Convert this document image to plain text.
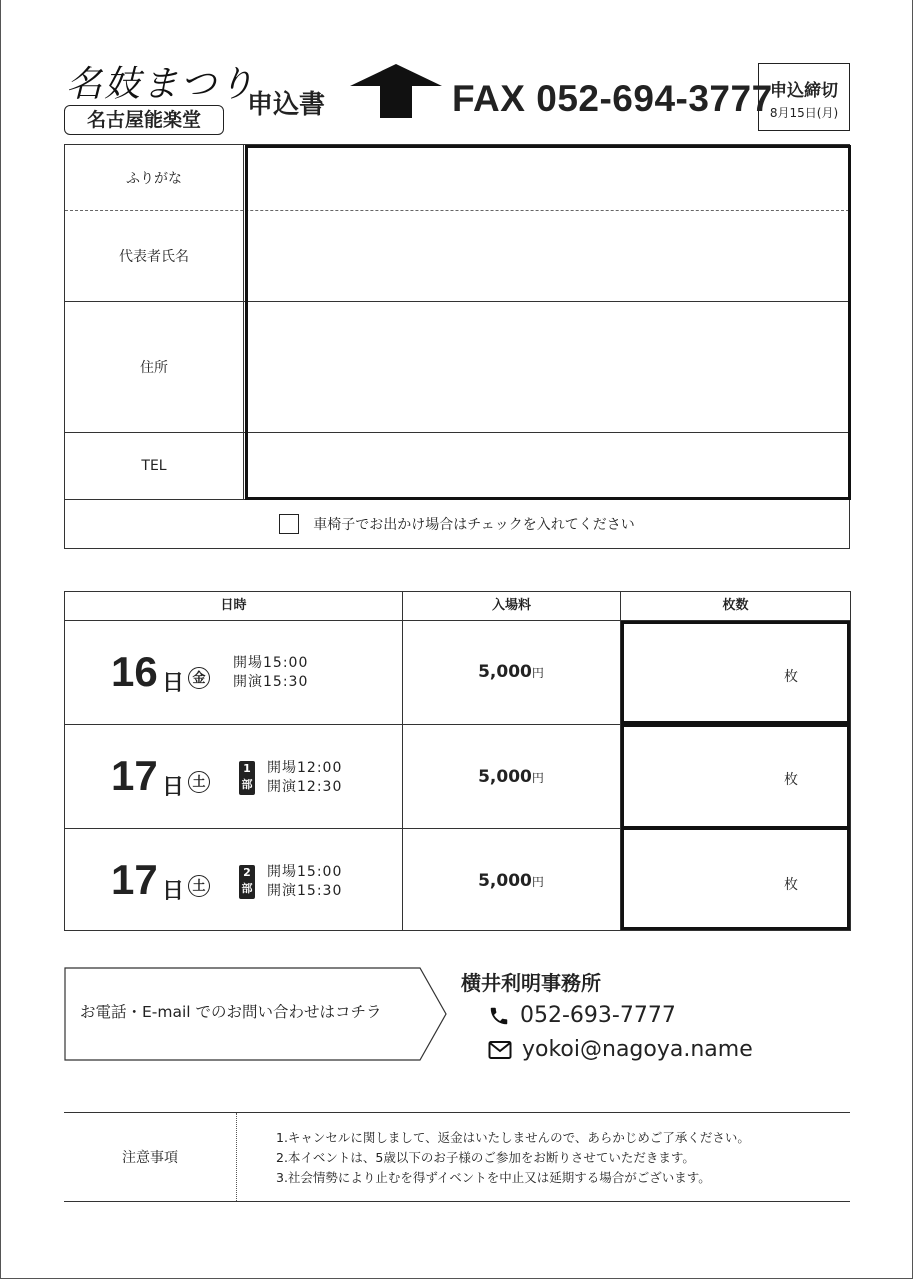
名妓まつり
名古屋能楽堂	申込書	FAX 052-694-3777
申込締切
8月15日(月)
ふりがな
代表者氏名
住所
TEL
車椅子でお出かけ場合はチェックを入れてください
日時	入場料	枚数
16 日 金
開場15:00
開演15:30	5,000円	枚
17 日 土
1部
開場12:00
開演12:30	5,000円	枚
17 日 土
2部
開場15:00
開演15:30	5,000円	枚
お電話・E-mail でのお問い合わせはコチラ
横井利明事務所
052-693-7777
yokoi@nagoya.name
注意事項
1.キャンセルに関しまして、返金はいたしませんので、あらかじめご了承ください。
2.本イベントは、5歳以下のお子様のご参加をお断りさせていただきます。
3.社会情勢により止むを得ずイベントを中止又は延期する場合がございます。
